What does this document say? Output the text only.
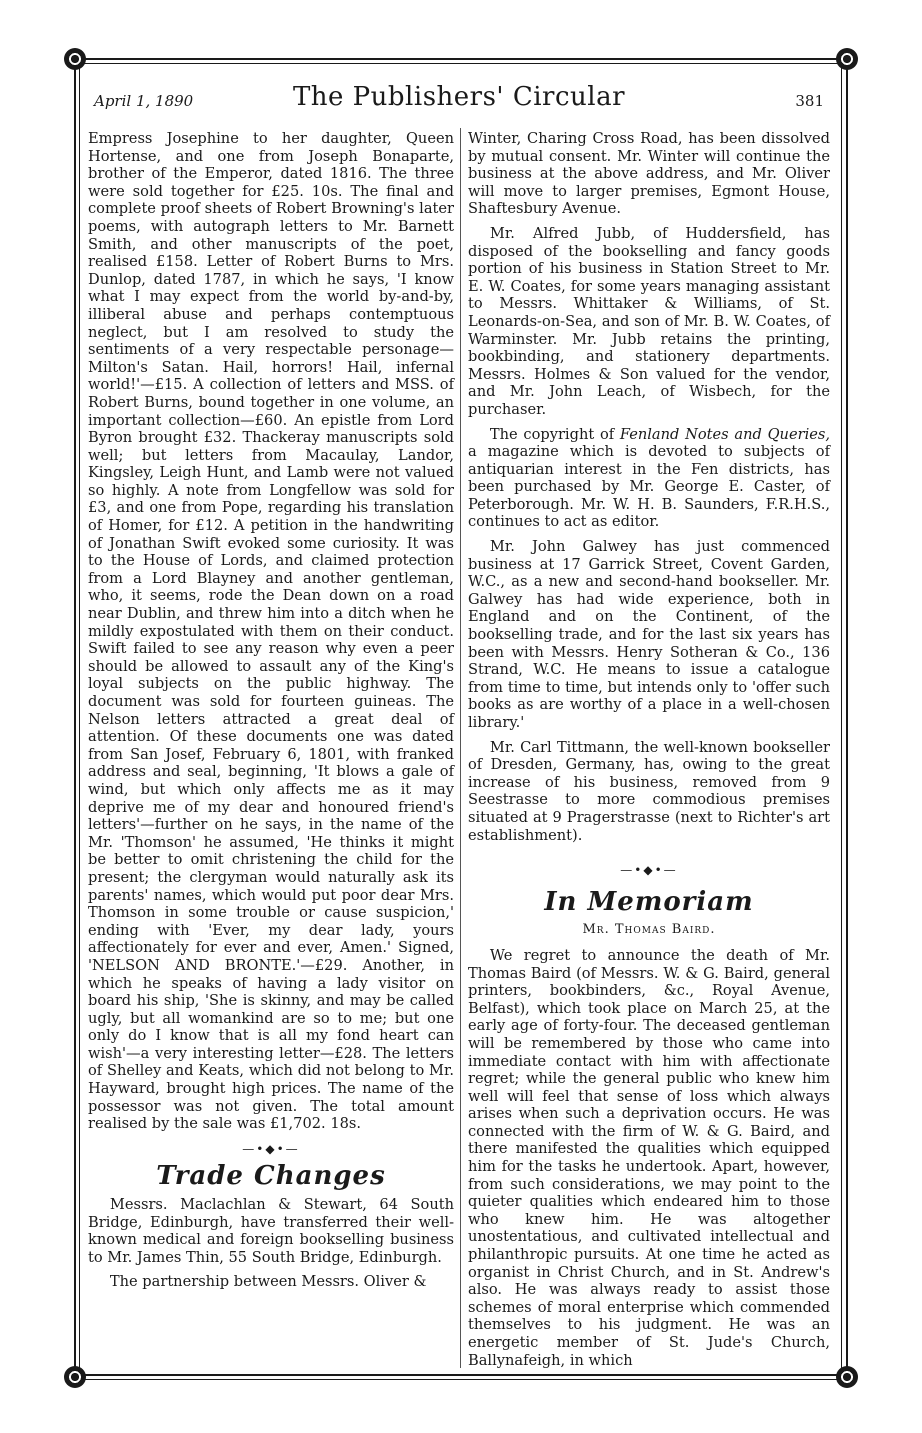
April 1, 1890	The Publishers' Circular	381

Empress Josephine to her daughter, Queen Hortense, and one from Joseph Bonaparte, brother of the Emperor, dated 1816. The three were sold together for £25. 10s. The final and complete proof sheets of Robert Browning's later poems, with autograph letters to Mr. Barnett Smith, and other manuscripts of the poet, realised £158. Letter of Robert Burns to Mrs. Dunlop, dated 1787, in which he says, 'I know what I may expect from the world by-and-by, illiberal abuse and perhaps contemptuous neglect, but I am resolved to study the sentiments of a very respectable personage—Milton's Satan. Hail, horrors! Hail, infernal world!'—£15. A collection of letters and MSS. of Robert Burns, bound together in one volume, an important collection—£60. An epistle from Lord Byron brought £32. Thackeray manuscripts sold well; but letters from Macaulay, Landor, Kingsley, Leigh Hunt, and Lamb were not valued so highly. A note from Longfellow was sold for £3, and one from Pope, regarding his translation of Homer, for £12. A petition in the handwriting of Jonathan Swift evoked some curiosity. It was to the House of Lords, and claimed protection from a Lord Blayney and another gentleman, who, it seems, rode the Dean down on a road near Dublin, and threw him into a ditch when he mildly expostulated with them on their conduct. Swift failed to see any reason why even a peer should be allowed to assault any of the King's loyal subjects on the public highway. The document was sold for fourteen guineas. The Nelson letters attracted a great deal of attention. Of these documents one was dated from San Josef, February 6, 1801, with franked address and seal, beginning, 'It blows a gale of wind, but which only affects me as it may deprive me of my dear and honoured friend's letters'—further on he says, in the name of the Mr. 'Thomson' he assumed, 'He thinks it might be better to omit christening the child for the present; the clergyman would naturally ask its parents' names, which would put poor dear Mrs. Thomson in some trouble or cause suspicion,' ending with 'Ever, my dear lady, yours affectionately for ever and ever, Amen.' Signed, 'NELSON AND BRONTE.'—£29. Another, in which he speaks of having a lady visitor on board his ship, 'She is skinny, and may be called ugly, but all womankind are so to me; but one only do I know that is all my fond heart can wish'—a very interesting letter—£28. The letters of Shelley and Keats, which did not belong to Mr. Hayward, brought high prices. The name of the possessor was not given. The total amount realised by the sale was £1,702. 18s.

—•◆•—
Trade Changes

Messrs. Maclachlan & Stewart, 64 South Bridge, Edinburgh, have transferred their well-known medical and foreign bookselling business to Mr. James Thin, 55 South Bridge, Edinburgh.

The partnership between Messrs. Oliver &

Winter, Charing Cross Road, has been dissolved by mutual consent. Mr. Winter will continue the business at the above address, and Mr. Oliver will move to larger premises, Egmont House, Shaftesbury Avenue.

Mr. Alfred Jubb, of Huddersfield, has disposed of the bookselling and fancy goods portion of his business in Station Street to Mr. E. W. Coates, for some years managing assistant to Messrs. Whittaker & Williams, of St. Leonards-on-Sea, and son of Mr. B. W. Coates, of Warminster. Mr. Jubb retains the printing, bookbinding, and stationery departments. Messrs. Holmes & Son valued for the vendor, and Mr. John Leach, of Wisbech, for the purchaser.

The copyright of Fenland Notes and Queries, a magazine which is devoted to subjects of antiquarian interest in the Fen districts, has been purchased by Mr. George E. Caster, of Peterborough. Mr. W. H. B. Saunders, F.R.H.S., continues to act as editor.

Mr. John Galwey has just commenced business at 17 Garrick Street, Covent Garden, W.C., as a new and second-hand bookseller. Mr. Galwey has had wide experience, both in England and on the Continent, of the bookselling trade, and for the last six years has been with Messrs. Henry Sotheran & Co., 136 Strand, W.C. He means to issue a catalogue from time to time, but intends only to 'offer such books as are worthy of a place in a well-chosen library.'

Mr. Carl Tittmann, the well-known bookseller of Dresden, Germany, has, owing to the great increase of his business, removed from 9 Seestrasse to more commodious premises situated at 9 Pragerstrasse (next to Richter's art establishment).

—•◆•—
In Memoriam
Mr. Thomas Baird.

We regret to announce the death of Mr. Thomas Baird (of Messrs. W. & G. Baird, general printers, bookbinders, &c., Royal Avenue, Belfast), which took place on March 25, at the early age of forty-four. The deceased gentleman will be remembered by those who came into immediate contact with him with affectionate regret; while the general public who knew him well will feel that sense of loss which always arises when such a deprivation occurs. He was connected with the firm of W. & G. Baird, and there manifested the qualities which equipped him for the tasks he undertook. Apart, however, from such considerations, we may point to the quieter qualities which endeared him to those who knew him. He was altogether unostentatious, and cultivated intellectual and philanthropic pursuits. At one time he acted as organist in Christ Church, and in St. Andrew's also. He was always ready to assist those schemes of moral enterprise which commended themselves to his judgment. He was an energetic member of St. Jude's Church, Ballynafeigh, in which
